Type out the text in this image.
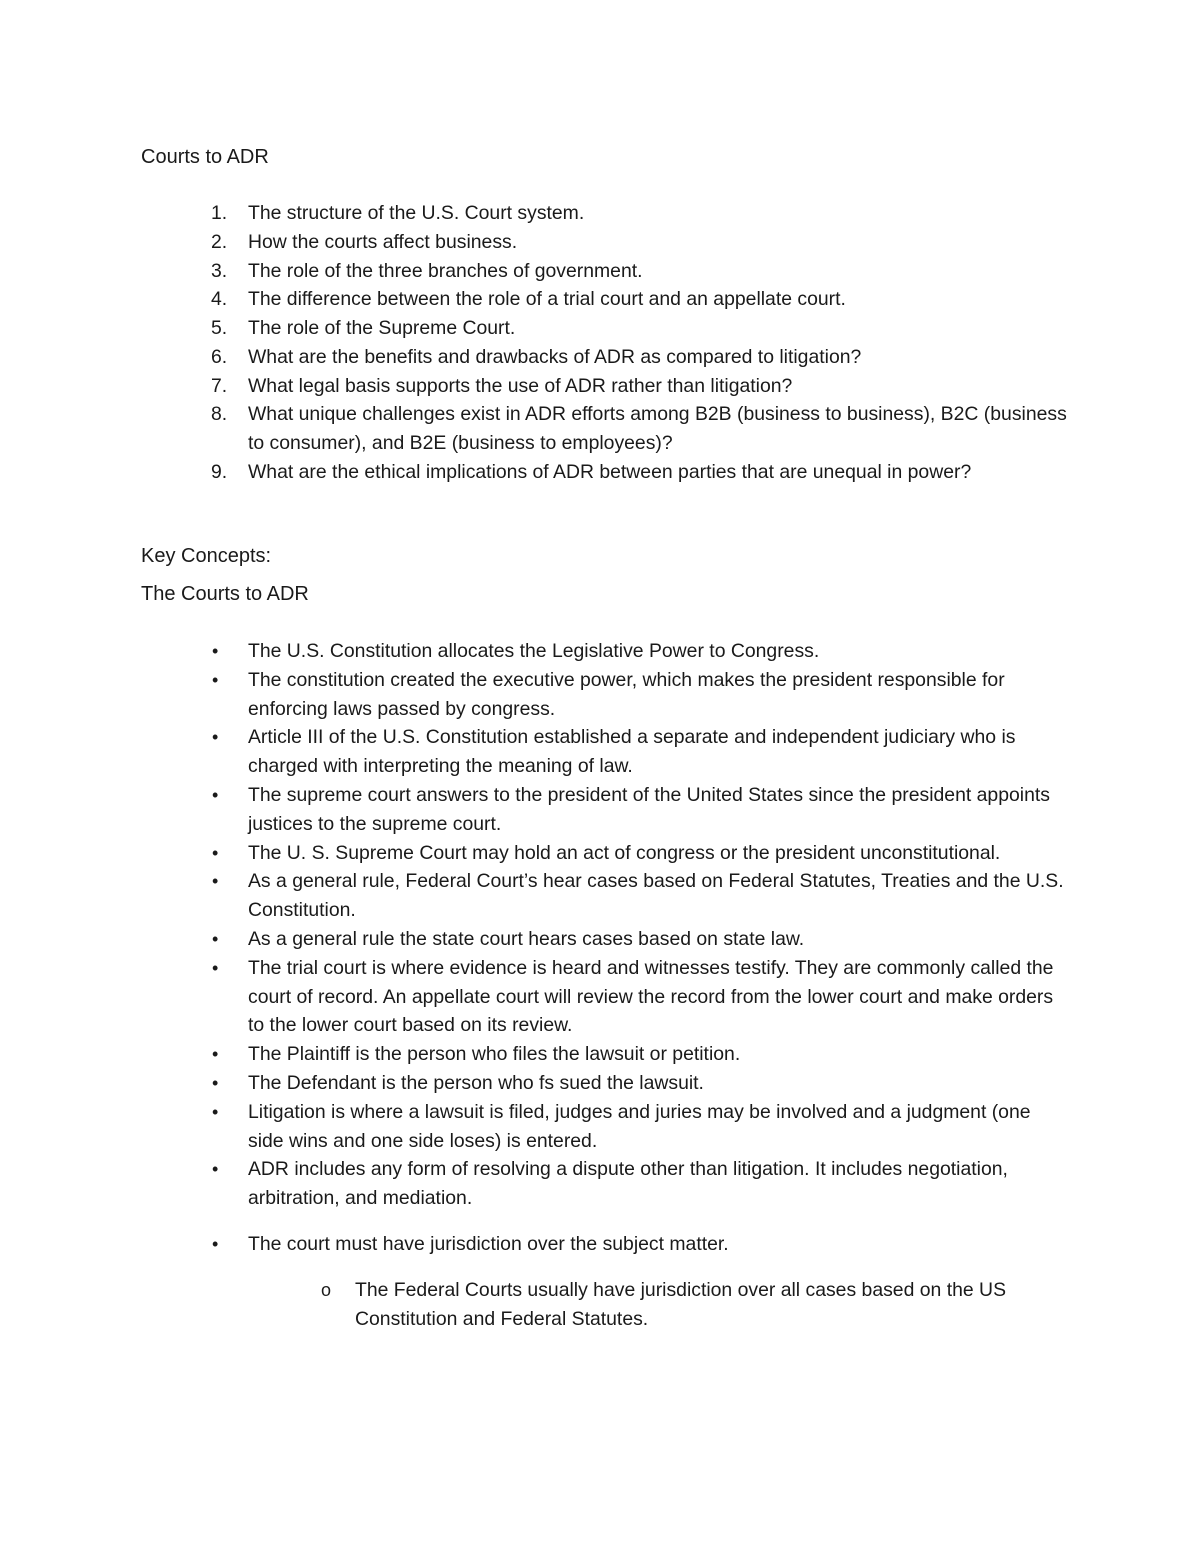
Courts to ADR
1.	The structure of the U.S. Court system.
2.	How the courts affect business.
3.	The role of the three branches of government.
4.	The difference between the role of a trial court and an appellate court.
5.	The role of the Supreme Court.
6.	What are the benefits and drawbacks of ADR as compared to litigation?
7.	What legal basis supports the use of ADR rather than litigation?
8.	What unique challenges exist in ADR efforts among B2B (business to business), B2C (business to consumer), and B2E (business to employees)?
9.	What are the ethical implications of ADR between parties that are unequal in power?
Key Concepts:
The Courts to ADR
• The U.S. Constitution allocates the Legislative Power to Congress.
• The constitution created the executive power, which makes the president responsible for enforcing laws passed by congress.
• Article III of the U.S. Constitution established a separate and independent judiciary who is charged with interpreting the meaning of law.
• The supreme court answers to the president of the United States since the president appoints justices to the supreme court.
• The U. S. Supreme Court may hold an act of congress or the president unconstitutional.
• As a general rule, Federal Court’s hear cases based on Federal Statutes, Treaties and the U.S. Constitution.
• As a general rule the state court hears cases based on state law.
• The trial court is where evidence is heard and witnesses testify. They are commonly called the court of record. An appellate court will review the record from the lower court and make orders to the lower court based on its review.
• The Plaintiff is the person who files the lawsuit or petition.
• The Defendant is the person who fs sued the lawsuit.
• Litigation is where a lawsuit is filed, judges and juries may be involved and a judgment (one side wins and one side loses) is entered.
• ADR includes any form of resolving a dispute other than litigation. It includes negotiation, arbitration, and mediation.
• The court must have jurisdiction over the subject matter.
o The Federal Courts usually have jurisdiction over all cases based on the US Constitution and Federal Statutes.
